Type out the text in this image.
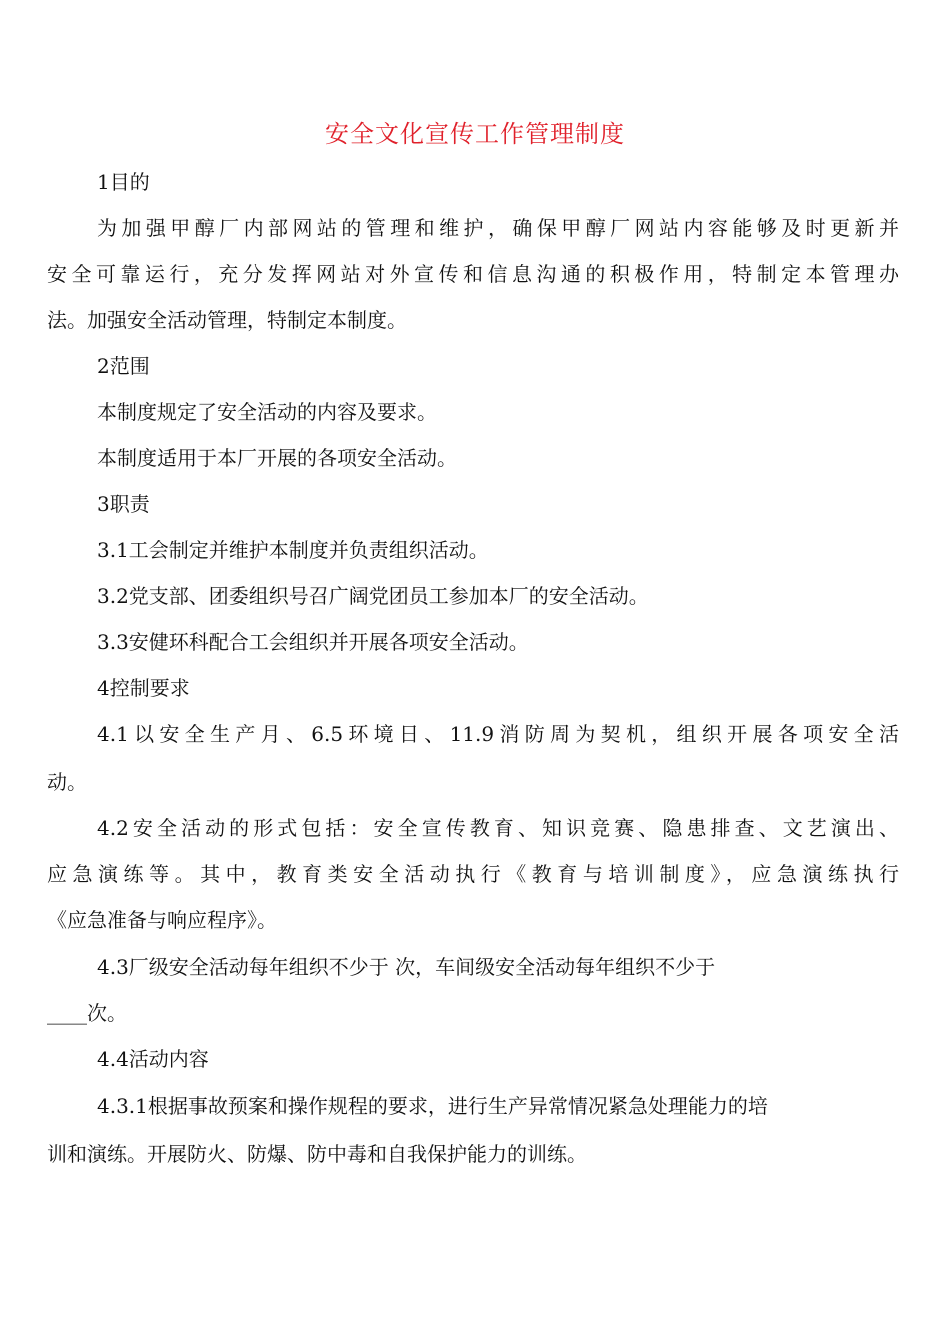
安全文化宣传工作管理制度
1目的
为加强甲醇厂内部网站的管理和维护，确保甲醇厂网站内容能够及时更新并
安全可靠运行，充分发挥网站对外宣传和信息沟通的积极作用，特制定本管理办
法。加强安全活动管理，特制定本制度。
2范围
本制度规定了安全活动的内容及要求。
本制度适用于本厂开展的各项安全活动。
3职责
3.1工会制定并维护本制度并负责组织活动。
3.2党支部、团委组织号召广阔党团员工参加本厂的安全活动。
3.3安健环科配合工会组织并开展各项安全活动。
4控制要求
4.1以安全生产月、6.5环境日、11.9消防周为契机，组织开展各项安全活
动。
4.2安全活动的形式包括：安全宣传教育、知识竞赛、隐患排查、文艺演出、
应急演练等。其中，教育类安全活动执行《教育与培训制度》，应急演练执行
《应急准备与响应程序》。
4.3厂级安全活动每年组织不少于 次，车间级安全活动每年组织不少于
____次。
4.4活动内容
4.3.1根据事故预案和操作规程的要求，进行生产异常情况紧急处理能力的培
训和演练。开展防火、防爆、防中毒和自我保护能力的训练。
